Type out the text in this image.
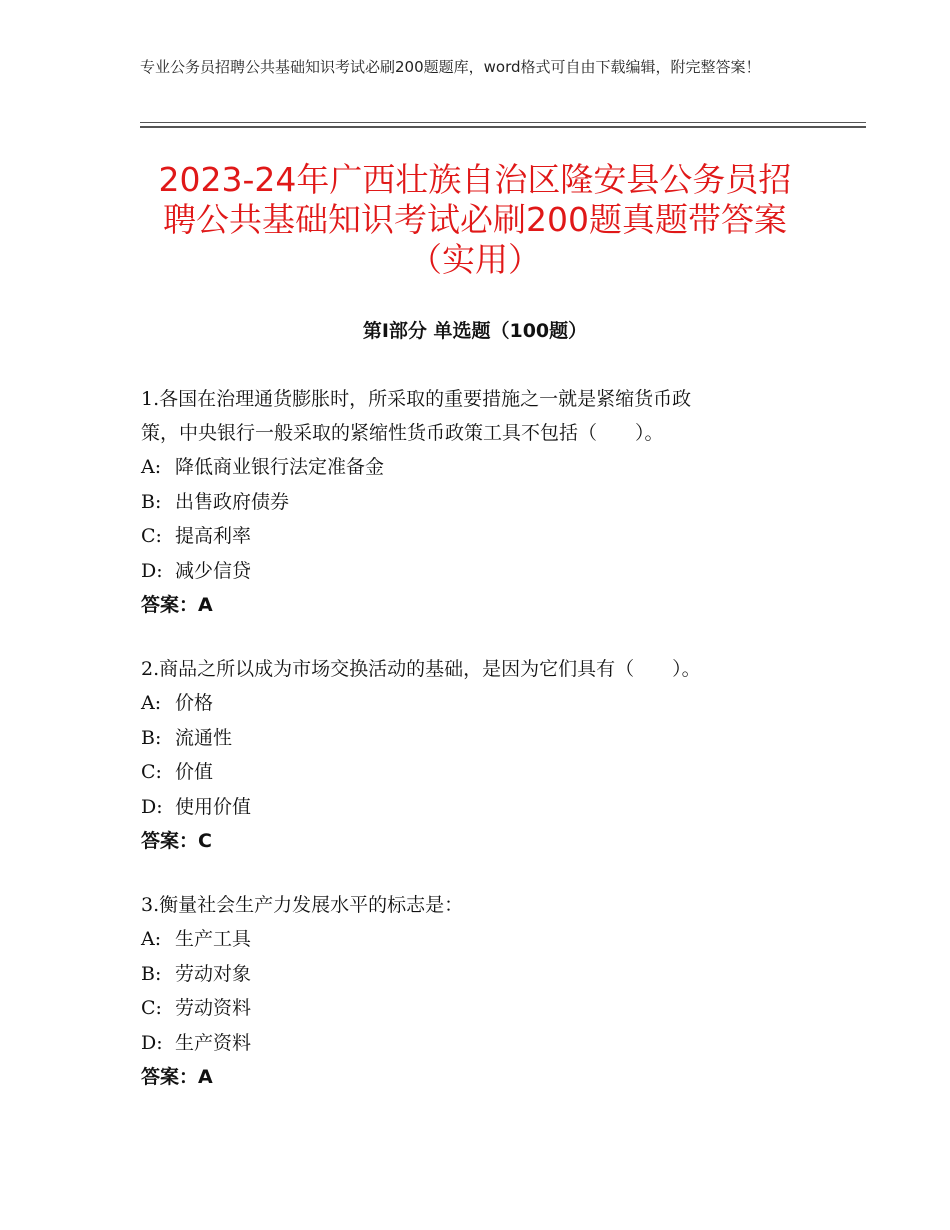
专业公务员招聘公共基础知识考试必刷200题题库，word格式可自由下载编辑，附完整答案！
2023-24年广西壮族自治区隆安县公务员招
聘公共基础知识考试必刷200题真题带答案
（实用）
第Ⅰ部分 单选题（100题）

1.各国在治理通货膨胀时，所采取的重要措施之一就是紧缩货币政

策，中央银行一般采取的紧缩性货币政策工具不包括（　　）。

A: 降低商业银行法定准备金

B: 出售政府债券

C: 提高利率

D: 减少信贷

答案：A

2.商品之所以成为市场交换活动的基础，是因为它们具有（　　）。

A: 价格

B: 流通性

C: 价值

D: 使用价值

答案：C

3.衡量社会生产力发展水平的标志是：

A: 生产工具

B: 劳动对象

C: 劳动资料

D: 生产资料

答案：A
